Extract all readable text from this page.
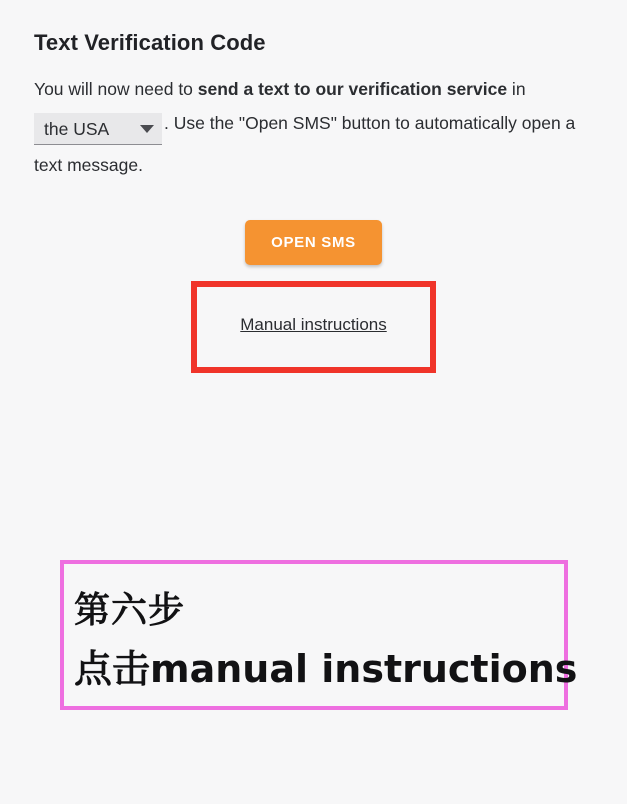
Text Verification Code
You will now need to send a text to our verification service in
the USA	. Use the "Open SMS" button to automatically open a text message.
OPEN SMS
Manual instructions
第六步
点击manual instructions
